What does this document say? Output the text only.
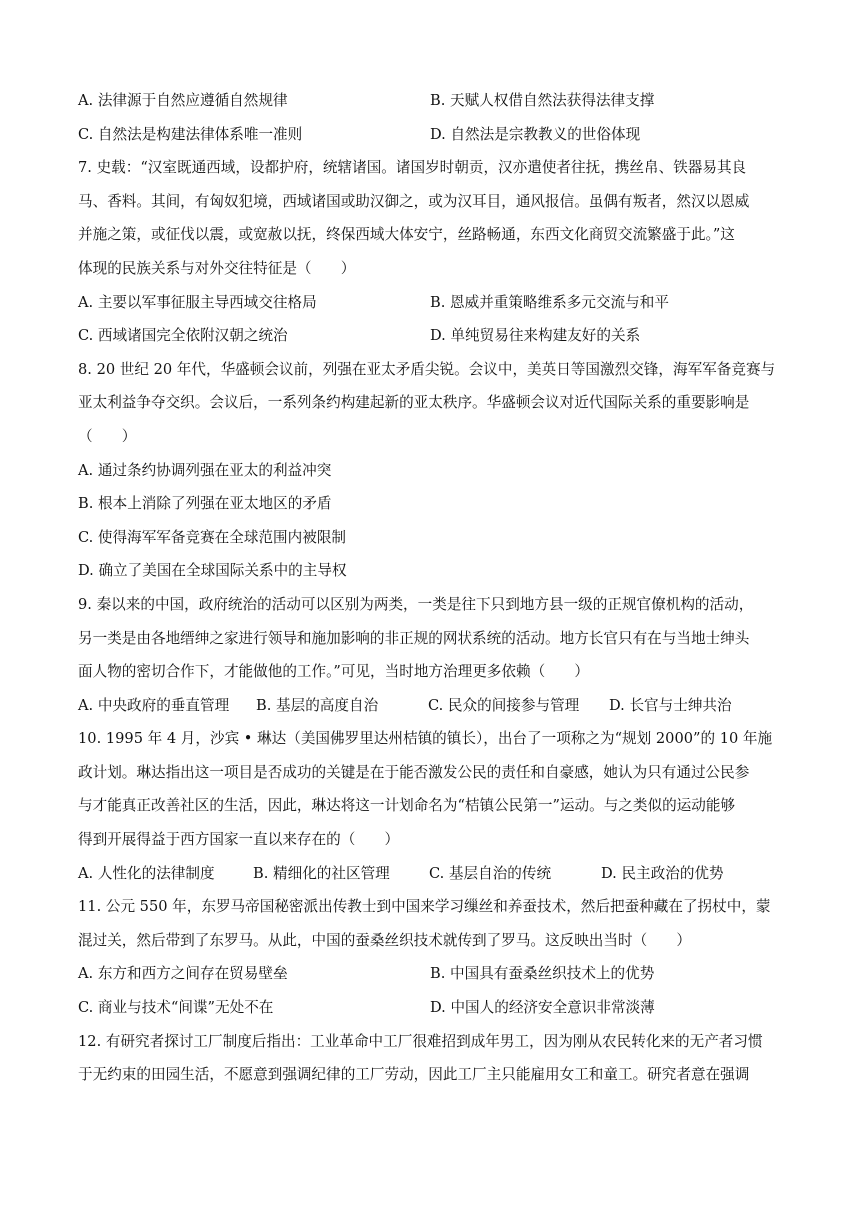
A. 法律源于自然应遵循自然规律	B. 天赋人权借自然法获得法律支撑
C. 自然法是构建法律体系唯一准则	D. 自然法是宗教教义的世俗体现
7. 史载：“汉室既通西域，设都护府，统辖诸国。诸国岁时朝贡，汉亦遣使者往抚，携丝帛、铁器易其良
马、香料。其间，有匈奴犯境，西域诸国或助汉御之，或为汉耳目，通风报信。虽偶有叛者，然汉以恩威
并施之策，或征伐以震，或宽赦以抚，终保西域大体安宁，丝路畅通，东西文化商贸交流繁盛于此。”这
体现的民族关系与对外交往特征是（　　）
A. 主要以军事征服主导西域交往格局	B. 恩威并重策略维系多元交流与和平
C. 西域诸国完全依附汉朝之统治	D. 单纯贸易往来构建友好的关系
8. 20 世纪 20 年代，华盛顿会议前，列强在亚太矛盾尖锐。会议中，美英日等国激烈交锋，海军军备竞赛与
亚太利益争夺交织。会议后，一系列条约构建起新的亚太秩序。华盛顿会议对近代国际关系的重要影响是
（　　）
A. 通过条约协调列强在亚太的利益冲突
B. 根本上消除了列强在亚太地区的矛盾
C. 使得海军军备竞赛在全球范围内被限制
D. 确立了美国在全球国际关系中的主导权
9. 秦以来的中国，政府统治的活动可以区别为两类，一类是往下只到地方县一级的正规官僚机构的活动，
另一类是由各地缙绅之家进行领导和施加影响的非正规的网状系统的活动。地方长官只有在与当地士绅头
面人物的密切合作下，才能做他的工作。”可见，当时地方治理更多依赖（　　）
A. 中央政府的垂直管理	B. 基层的高度自治	C. 民众的间接参与管理	D. 长官与士绅共治
10. 1995 年 4 月，沙宾 • 琳达（美国佛罗里达州桔镇的镇长），出台了一项称之为“规划 2000”的 10 年施
政计划。琳达指出这一项目是否成功的关键是在于能否激发公民的责任和自豪感，她认为只有通过公民参
与才能真正改善社区的生活，因此，琳达将这一计划命名为“桔镇公民第一”运动。与之类似的运动能够
得到开展得益于西方国家一直以来存在的（　　）
A. 人性化的法律制度	B. 精细化的社区管理	C. 基层自治的传统	D. 民主政治的优势
11. 公元 550 年，东罗马帝国秘密派出传教士到中国来学习缫丝和养蚕技术，然后把蚕种藏在了拐杖中，蒙
混过关，然后带到了东罗马。从此，中国的蚕桑丝织技术就传到了罗马。这反映出当时（　　）
A. 东方和西方之间存在贸易壁垒	B. 中国具有蚕桑丝织技术上的优势
C. 商业与技术“间谍”无处不在	D. 中国人的经济安全意识非常淡薄
12. 有研究者探讨工厂制度后指出：工业革命中工厂很难招到成年男工，因为刚从农民转化来的无产者习惯
于无约束的田园生活，不愿意到强调纪律的工厂劳动，因此工厂主只能雇用女工和童工。研究者意在强调
